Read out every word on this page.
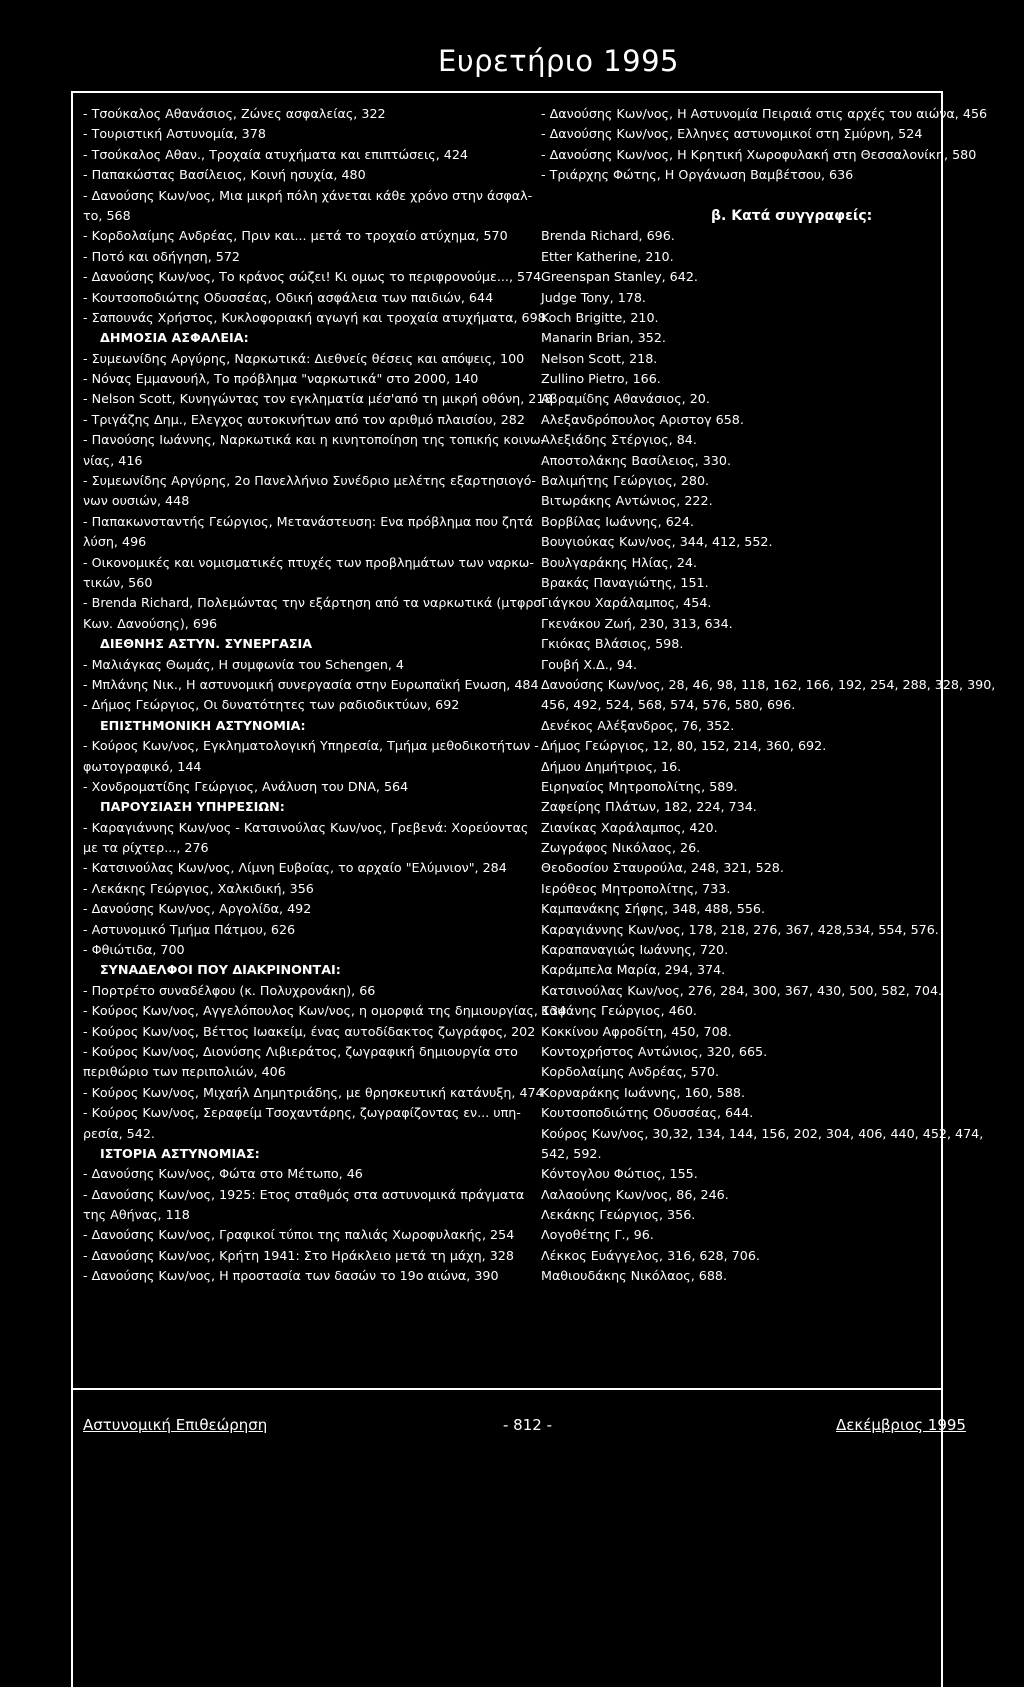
Ευρετήριο 1995
- Τσούκαλος Αθανάσιος, Ζώνες ασφαλείας, 322
- Τουριστική Αστυνομία, 378
- Τσούκαλος Αθαν., Τροχαία ατυχήματα και επιπτώσεις, 424
- Παπακώστας Βασίλειος, Κοινή ησυχία, 480
- Δανούσης Κων/νος, Μια μικρή πόλη χάνεται κάθε χρόνο στην άσφαλ-
το, 568
- Κορδολαίμης Ανδρέας, Πριν και... μετά το τροχαίο ατύχημα, 570
- Ποτό και οδήγηση, 572
- Δανούσης Κων/νος, Το κράνος σώζει! Κι ομως το περιφρονούμε..., 574
- Κουτσοποδιώτης Οδυσσέας, Οδική ασφάλεια των παιδιών, 644
- Σαπουνάς Χρήστος, Κυκλοφοριακή αγωγή και τροχαία ατυχήματα, 698
ΔΗΜΟΣΙΑ ΑΣΦΑΛΕΙΑ:
- Συμεωνίδης Αργύρης, Ναρκωτικά: Διεθνείς θέσεις και απόψεις, 100
- Νόνας Εμμανουήλ, Το πρόβλημα "ναρκωτικά" στο 2000, 140
- Nelson Scott, Κυνηγώντας τον εγκληματία μέσ'από τη μικρή οθόνη, 218
- Τριγάζης Δημ., Ελεγχος αυτοκινήτων από τον αριθμό πλαισίου, 282
- Πανούσης Ιωάννης, Ναρκωτικά και η κινητοποίηση της τοπικής κοινω-
νίας, 416
- Συμεωνίδης Αργύρης, 2ο Πανελλήνιο Συνέδριο μελέτης εξαρτησιογό-
νων ουσιών, 448
- Παπακωνσταντής Γεώργιος, Μετανάστευση: Ενα πρόβλημα που ζητά
λύση, 496
- Οικονομικές και νομισματικές πτυχές των προβλημάτων των ναρκω-
τικών, 560
- Brenda Richard, Πολεμώντας την εξάρτηση από τα ναρκωτικά (μτφρσ.
Κων. Δανούσης), 696
ΔΙΕΘΝΗΣ ΑΣΤΥΝ. ΣΥΝΕΡΓΑΣΙΑ
- Μαλιάγκας Θωμάς, Η συμφωνία του Schengen, 4
- Μπλάνης Νικ., Η αστυνομική συνεργασία στην Ευρωπαϊκή Ενωση, 484
- Δήμος Γεώργιος, Οι δυνατότητες των ραδιοδικτύων, 692
ΕΠΙΣΤΗΜΟΝΙΚΗ ΑΣΤΥΝΟΜΙΑ:
- Κούρος Κων/νος, Εγκληματολογική Υπηρεσία, Τμήμα μεθοδικοτήτων -
φωτογραφικό, 144
- Χονδροματίδης Γεώργιος, Ανάλυση του DNA, 564
ΠΑΡΟΥΣΙΑΣΗ ΥΠΗΡΕΣΙΩΝ:
- Καραγιάννης Κων/νος - Κατσινούλας Κων/νος, Γρεβενά: Χορεύοντας
με τα ρίχτερ..., 276
- Κατσινούλας Κων/νος, Λίμνη Ευβοίας, το αρχαίο "Ελύμνιον", 284
- Λεκάκης Γεώργιος, Χαλκιδική, 356
- Δανούσης Κων/νος, Αργολίδα, 492
- Αστυνομικό Τμήμα Πάτμου, 626
- Φθιώτιδα, 700
ΣΥΝΑΔΕΛΦΟΙ ΠΟΥ ΔΙΑΚΡΙΝΟΝΤΑΙ:
- Πορτρέτο συναδέλφου (κ. Πολυχρονάκη), 66
- Κούρος Κων/νος, Αγγελόπουλος Κων/νος, η ομορφιά της δημιουργίας, 134
- Κούρος Κων/νος, Βέττος Ιωακείμ, ένας αυτοδίδακτος ζωγράφος, 202
- Κούρος Κων/νος, Διονύσης Λιβιεράτος, ζωγραφική δημιουργία στο
περιθώριο των περιπολιών, 406
- Κούρος Κων/νος, Μιχαήλ Δημητριάδης, με θρησκευτική κατάνυξη, 474
- Κούρος Κων/νος, Σεραφείμ Τσοχαντάρης, ζωγραφίζοντας εν... υπη-
ρεσία, 542.
ΙΣΤΟΡΙΑ ΑΣΤΥΝΟΜΙΑΣ:
- Δανούσης Κων/νος, Φώτα στο Μέτωπο, 46
- Δανούσης Κων/νος, 1925: Ετος σταθμός στα αστυνομικά πράγματα
της Αθήνας, 118
- Δανούσης Κων/νος, Γραφικοί τύποι της παλιάς Χωροφυλακής, 254
- Δανούσης Κων/νος, Κρήτη 1941: Στο Ηράκλειο μετά τη μάχη, 328
- Δανούσης Κων/νος, Η προστασία των δασών τo 19ο αιώνα, 390
- Δανούσης Κων/νος, Η Αστυνομία Πειραιά στις αρχές του αιώνα, 456
- Δανούσης Κων/νος, Ελληνες αστυνομικοί στη Σμύρνη, 524
- Δανούσης Κων/νος, Η Κρητική Χωροφυλακή στη Θεσσαλονίκη, 580
- Τριάρχης Φώτης, Η Οργάνωση Βαμβέτσου, 636
β. Κατά συγγραφείς:
Brenda Richard, 696.
Etter Katherine, 210.
Greenspan Stanley, 642.
Judge Tony, 178.
Koch Brigitte, 210.
Manarin Brian, 352.
Nelson Scott, 218.
Zullino Pietro, 166.
Αβραμίδης Αθανάσιος, 20.
Αλεξανδρόπουλος Αριστογ 658.
Αλεξιάδης Στέργιος, 84.
Αποστολάκης Βασίλειος, 330.
Βαλιμήτης Γεώργιος, 280.
Βιτωράκης Αντώνιος, 222.
Βορβίλας Ιωάννης, 624.
Βουγιούκας Κων/νος, 344, 412, 552.
Βουλγαράκης Ηλίας, 24.
Βρακάς Παναγιώτης, 151.
Γιάγκου Χαράλαμπος, 454.
Γκενάκου Ζωή, 230, 313, 634.
Γκιόκας Βλάσιος, 598.
Γουβή Χ.Δ., 94.
Δανούσης Κων/νος, 28, 46, 98, 118, 162, 166, 192, 254, 288, 328, 390,
456, 492, 524, 568, 574, 576, 580, 696.
Δενέκος Αλέξανδρος, 76, 352.
Δήμος Γεώργιος, 12, 80, 152, 214, 360, 692.
Δήμου Δημήτριος, 16.
Ειρηναίος Μητροπολίτης, 589.
Ζαφείρης Πλάτων, 182, 224, 734.
Ζιανίκας Χαράλαμπος, 420.
Ζωγράφος Νικόλαος, 26.
Θεοδοσίου Σταυρούλα, 248, 321, 528.
Ιερόθεος Μητροπολίτης, 733.
Καμπανάκης Σήφης, 348, 488, 556.
Καραγιάννης Κων/νος, 178, 218, 276, 367, 428,534, 554, 576.
Καραπαναγιώς Ιωάννης, 720.
Καράμπελα Μαρία, 294, 374.
Κατσινούλας Κων/νος, 276, 284, 300, 367, 430, 500, 582, 704.
Καψάνης Γεώργιος, 460.
Κοκκίνου Αφροδίτη, 450, 708.
Κοντοχρήστος Αντώνιος, 320, 665.
Κορδολαίμης Ανδρέας, 570.
Κορναράκης Ιωάννης, 160, 588.
Κουτσοποδιώτης Οδυσσέας, 644.
Κούρος Κων/νος, 30,32, 134, 144, 156, 202, 304, 406, 440, 452, 474,
542, 592.
Κόντογλου Φώτιος, 155.
Λαλαούνης Κων/νος, 86, 246.
Λεκάκης Γεώργιος, 356.
Λογοθέτης Γ., 96.
Λέκκος Ευάγγελος, 316, 628, 706.
Μαθιουδάκης Νικόλαος, 688.
Αστυνομική Επιθεώρηση	- 812 -	Δεκέμβριος 1995
